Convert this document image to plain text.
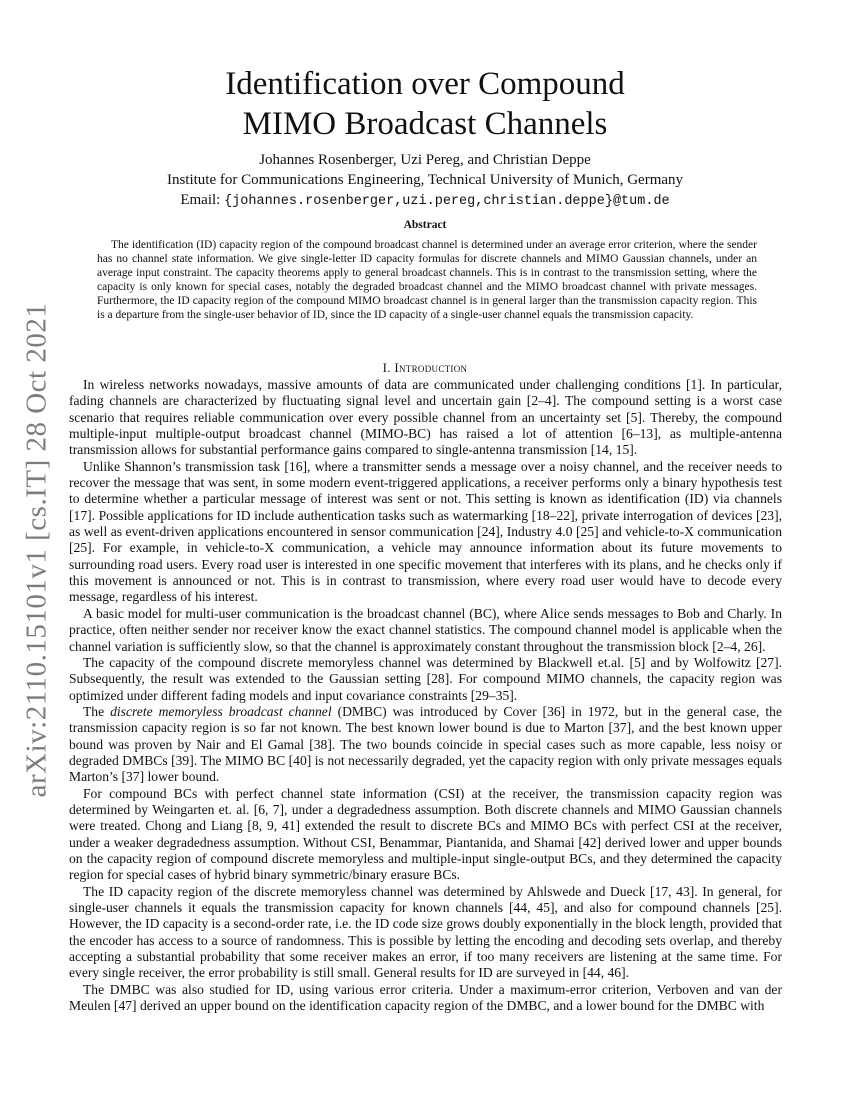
arXiv:2110.15101v1 [cs.IT] 28 Oct 2021
Identification over Compound
MIMO Broadcast Channels
Johannes Rosenberger, Uzi Pereg, and Christian Deppe
Institute for Communications Engineering, Technical University of Munich, Germany
Email: {johannes.rosenberger,uzi.pereg,christian.deppe}@tum.de
Abstract
The identification (ID) capacity region of the compound broadcast channel is determined under an average error criterion, where the sender has no channel state information. We give single-letter ID capacity formulas for discrete channels and MIMO Gaussian channels, under an average input constraint. The capacity theorems apply to general broadcast channels. This is in contrast to the transmission setting, where the capacity is only known for special cases, notably the degraded broadcast channel and the MIMO broadcast channel with private messages. Furthermore, the ID capacity region of the compound MIMO broadcast channel is in general larger than the transmission capacity region. This is a departure from the single-user behavior of ID, since the ID capacity of a single-user channel equals the transmission capacity.
I. Introduction

In wireless networks nowadays, massive amounts of data are communicated under challenging conditions [1]. In particular, fading channels are characterized by fluctuating signal level and uncertain gain [2–4]. The compound setting is a worst case scenario that requires reliable communication over every possible channel from an uncertainty set [5]. Thereby, the compound multiple-input multiple-output broadcast channel (MIMO-BC) has raised a lot of attention [6–13], as multiple-antenna transmission allows for substantial performance gains compared to single-antenna transmission [14, 15].

Unlike Shannon’s transmission task [16], where a transmitter sends a message over a noisy channel, and the receiver needs to recover the message that was sent, in some modern event-triggered applications, a receiver performs only a binary hypothesis test to determine whether a particular message of interest was sent or not. This setting is known as identification (ID) via channels [17]. Possible applications for ID include authentication tasks such as watermarking [18–22], private interrogation of devices [23], as well as event-driven applications encountered in sensor communication [24], Industry 4.0 [25] and vehicle-to-X communication [25]. For example, in vehicle-to-X communication, a vehicle may announce information about its future movements to surrounding road users. Every road user is interested in one specific movement that interferes with its plans, and he checks only if this movement is announced or not. This is in contrast to transmission, where every road user would have to decode every message, regardless of his interest.

A basic model for multi-user communication is the broadcast channel (BC), where Alice sends messages to Bob and Charly. In practice, often neither sender nor receiver know the exact channel statistics. The compound channel model is applicable when the channel variation is sufficiently slow, so that the channel is approximately constant throughout the transmission block [2–4, 26].

The capacity of the compound discrete memoryless channel was determined by Blackwell et.al. [5] and by Wolfowitz [27]. Subsequently, the result was extended to the Gaussian setting [28]. For compound MIMO channels, the capacity region was optimized under different fading models and input covariance constraints [29–35].

The discrete memoryless broadcast channel (DMBC) was introduced by Cover [36] in 1972, but in the general case, the transmission capacity region is so far not known. The best known lower bound is due to Marton [37], and the best known upper bound was proven by Nair and El Gamal [38]. The two bounds coincide in special cases such as more capable, less noisy or degraded DMBCs [39]. The MIMO BC [40] is not necessarily degraded, yet the capacity region with only private messages equals Marton’s [37] lower bound.

For compound BCs with perfect channel state information (CSI) at the receiver, the transmission capacity region was determined by Weingarten et. al. [6, 7], under a degradedness assumption. Both discrete channels and MIMO Gaussian channels were treated. Chong and Liang [8, 9, 41] extended the result to discrete BCs and MIMO BCs with perfect CSI at the receiver, under a weaker degradedness assumption. Without CSI, Benammar, Piantanida, and Shamai [42] derived lower and upper bounds on the capacity region of compound discrete memoryless and multiple-input single-output BCs, and they determined the capacity region for special cases of hybrid binary symmetric/binary erasure BCs.

The ID capacity region of the discrete memoryless channel was determined by Ahlswede and Dueck [17, 43]. In general, for single-user channels it equals the transmission capacity for known channels [44, 45], and also for compound channels [25]. However, the ID capacity is a second-order rate, i.e. the ID code size grows doubly exponentially in the block length, provided that the encoder has access to a source of randomness. This is possible by letting the encoding and decoding sets overlap, and thereby accepting a substantial probability that some receiver makes an error, if too many receivers are listening at the same time. For every single receiver, the error probability is still small. General results for ID are surveyed in [44, 46].

The DMBC was also studied for ID, using various error criteria. Under a maximum-error criterion, Verboven and van der Meulen [47] derived an upper bound on the identification capacity region of the DMBC, and a lower bound for the DMBC with
